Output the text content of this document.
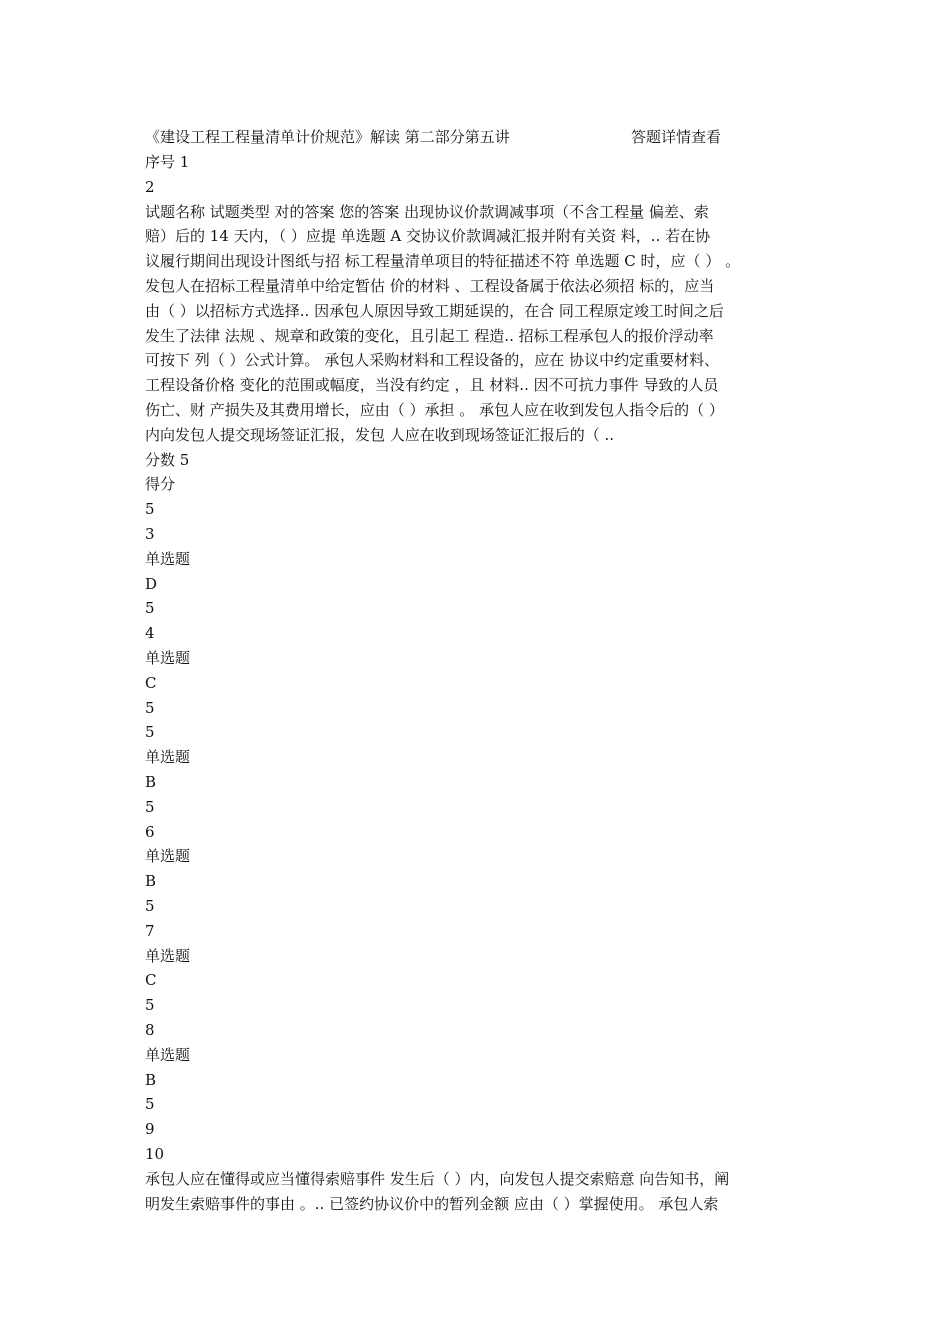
《建设工程工程量清单计价规范》解读 第二部分第五讲	答题详情查看
序号 1
2
试题名称 试题类型 对的答案 您的答案 出现协议价款调减事项（不含工程量 偏差、索
赔）后的 14 天内，（ ）应提 单选题 A 交协议价款调减汇报并附有关资 料，.. 若在协
议履行期间出现设计图纸与招 标工程量清单项目的特征描述不符 单选题 C 时，应（ ） 。
发包人在招标工程量清单中给定暂估 价的材料 、工程设备属于依法必须招 标的，应当
由（ ）以招标方式选择.. 因承包人原因导致工期延误的，在合 同工程原定竣工时间之后
发生了法律 法规 、规章和政策的变化，且引起工 程造.. 招标工程承包人的报价浮动率
可按下 列（ ）公式计算。 承包人采购材料和工程设备的，应在 协议中约定重要材料、
工程设备价格 变化的范围或幅度，当没有约定 ，且 材料.. 因不可抗力事件 导致的人员
伤亡、财 产损失及其费用增长，应由（ ）承担 。 承包人应在收到发包人指令后的（ ）
内向发包人提交现场签证汇报，发包 人应在收到现场签证汇报后的（ ..
分数 5
得分
5
3
单选题
D
5
4
单选题
C
5
5
单选题
B
5
6
单选题
B
5
7
单选题
C
5
8
单选题
B
5
9
10
承包人应在懂得或应当懂得索赔事件 发生后（ ）内，向发包人提交索赔意 向告知书，阐
明发生索赔事件的事由 。.. 已签约协议价中的暂列金额 应由（ ）掌握使用。 承包人索
